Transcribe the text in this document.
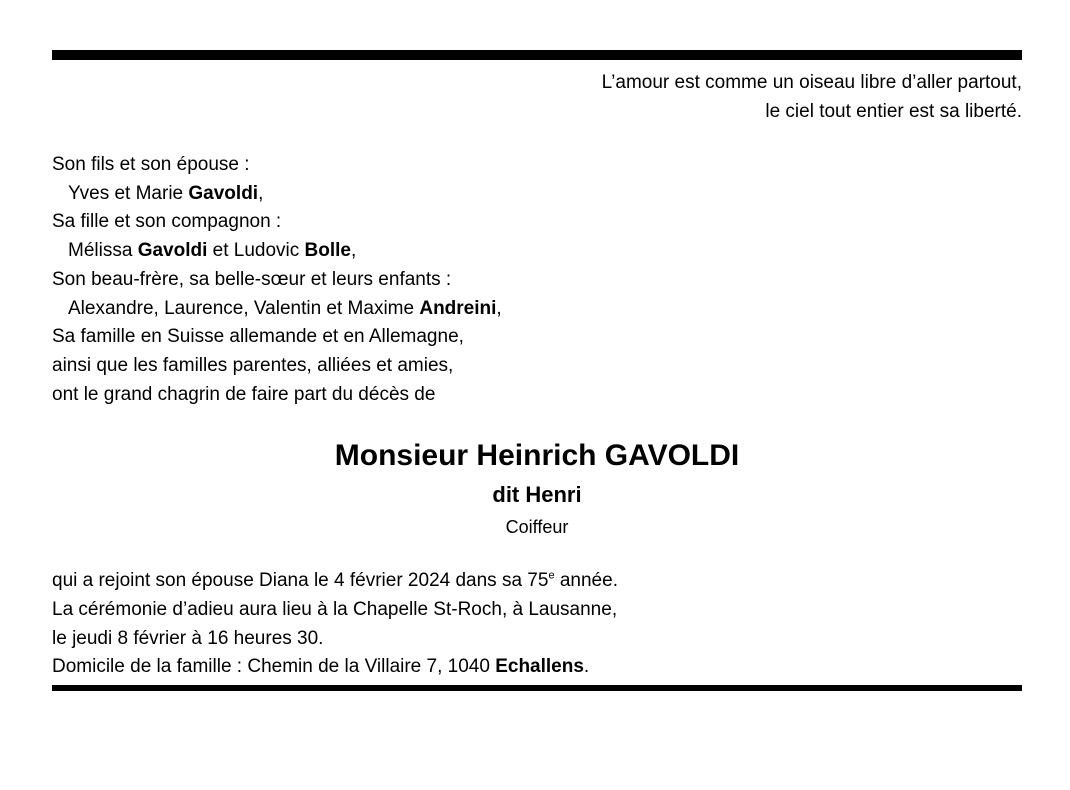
L’amour est comme un oiseau libre d’aller partout,
le ciel tout entier est sa liberté.
Son fils et son épouse :
Yves et Marie Gavoldi,
Sa fille et son compagnon :
Mélissa Gavoldi et Ludovic Bolle,
Son beau-frère, sa belle-sœur et leurs enfants :
Alexandre, Laurence, Valentin et Maxime Andreini,
Sa famille en Suisse allemande et en Allemagne,
ainsi que les familles parentes, alliées et amies,
ont le grand chagrin de faire part du décès de
Monsieur Heinrich GAVOLDI
dit Henri
Coiffeur
qui a rejoint son épouse Diana le 4 février 2024 dans sa 75e année.
La cérémonie d’adieu aura lieu à la Chapelle St-Roch, à Lausanne,
le jeudi 8 février à 16 heures 30.
Domicile de la famille : Chemin de la Villaire 7, 1040 Echallens.
